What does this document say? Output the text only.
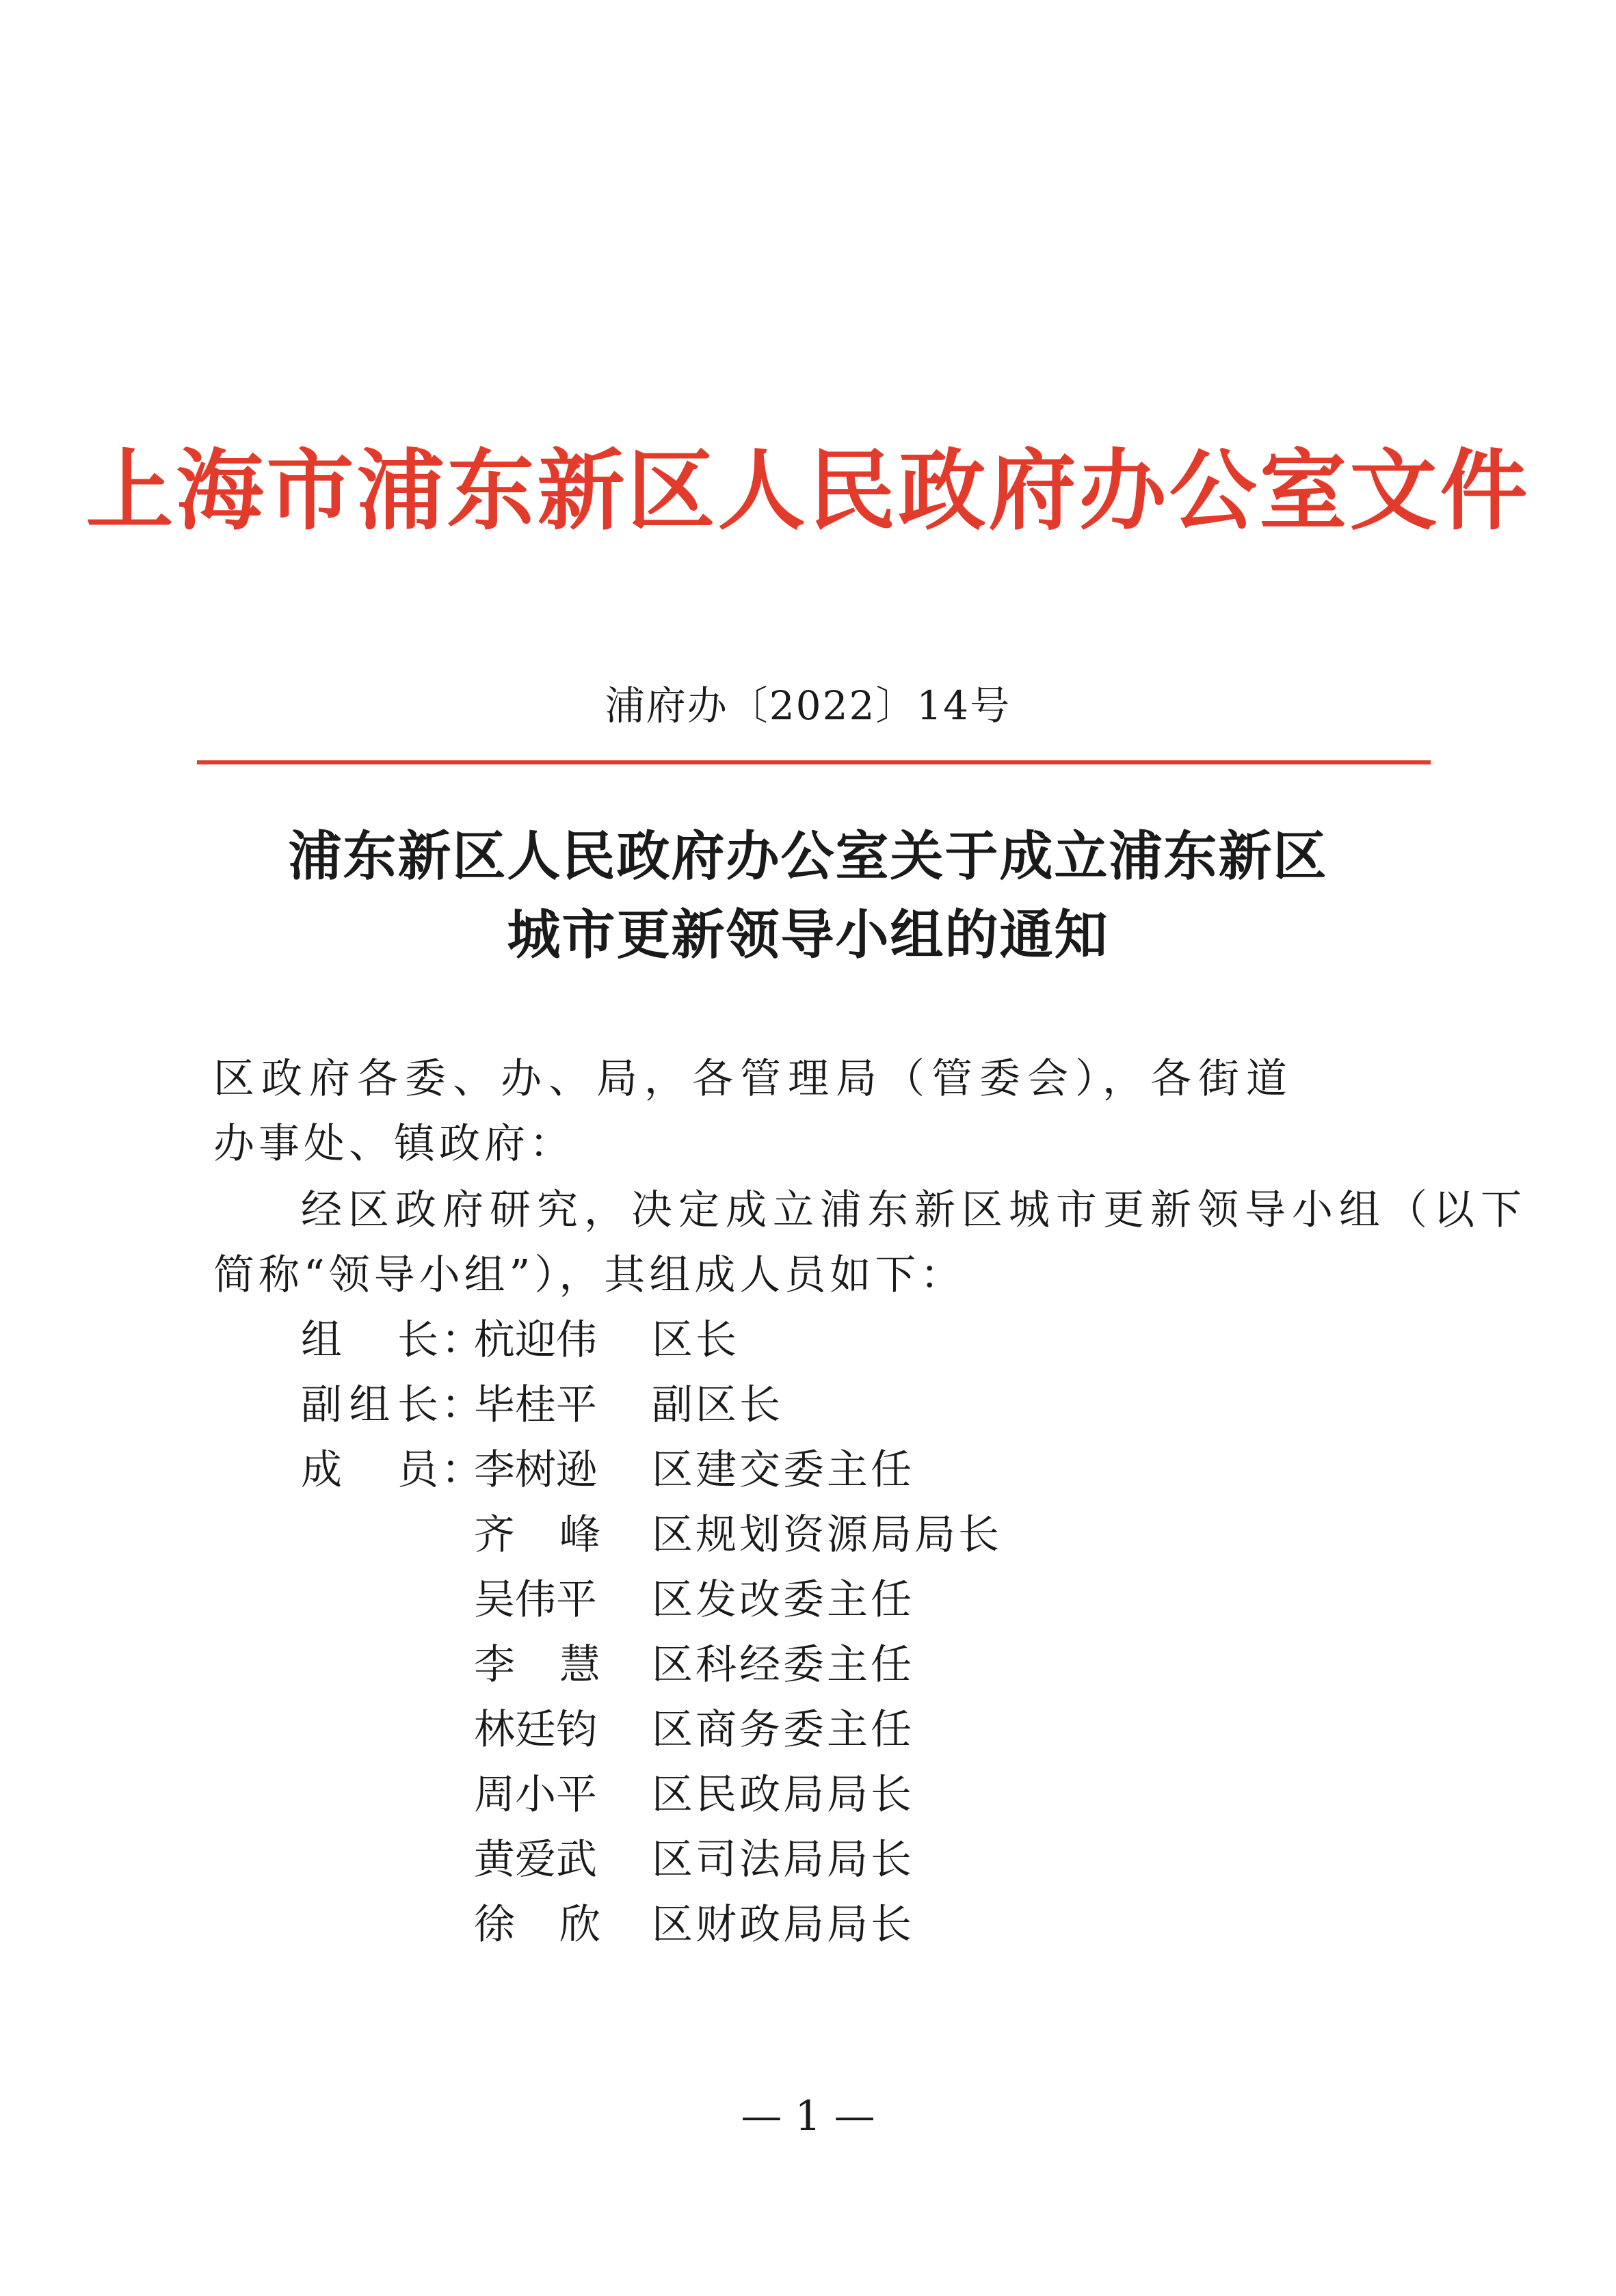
上海市浦东新区人民政府办公室文件
浦府办〔2022〕14号
浦东新区人民政府办公室关于成立浦东新区
城市更新领导小组的通知
区政府各委、办、局，各管理局（管委会），各街道
办事处、镇政府：
经区政府研究，决定成立浦东新区城市更新领导小组（以下
简称“领导小组”），其组成人员如下：
组 长 ：
副 组 长 ：
成 员 ：
杭迎伟 区长
毕桂平 副区长
李树逊 区建交委主任
齐 峰 区规划资源局局长
吴伟平 区发改委主任
李 慧 区科经委主任
林廷钧 区商务委主任
周小平 区民政局局长
黄爱武 区司法局局长
徐 欣 区财政局局长
— 1 —
